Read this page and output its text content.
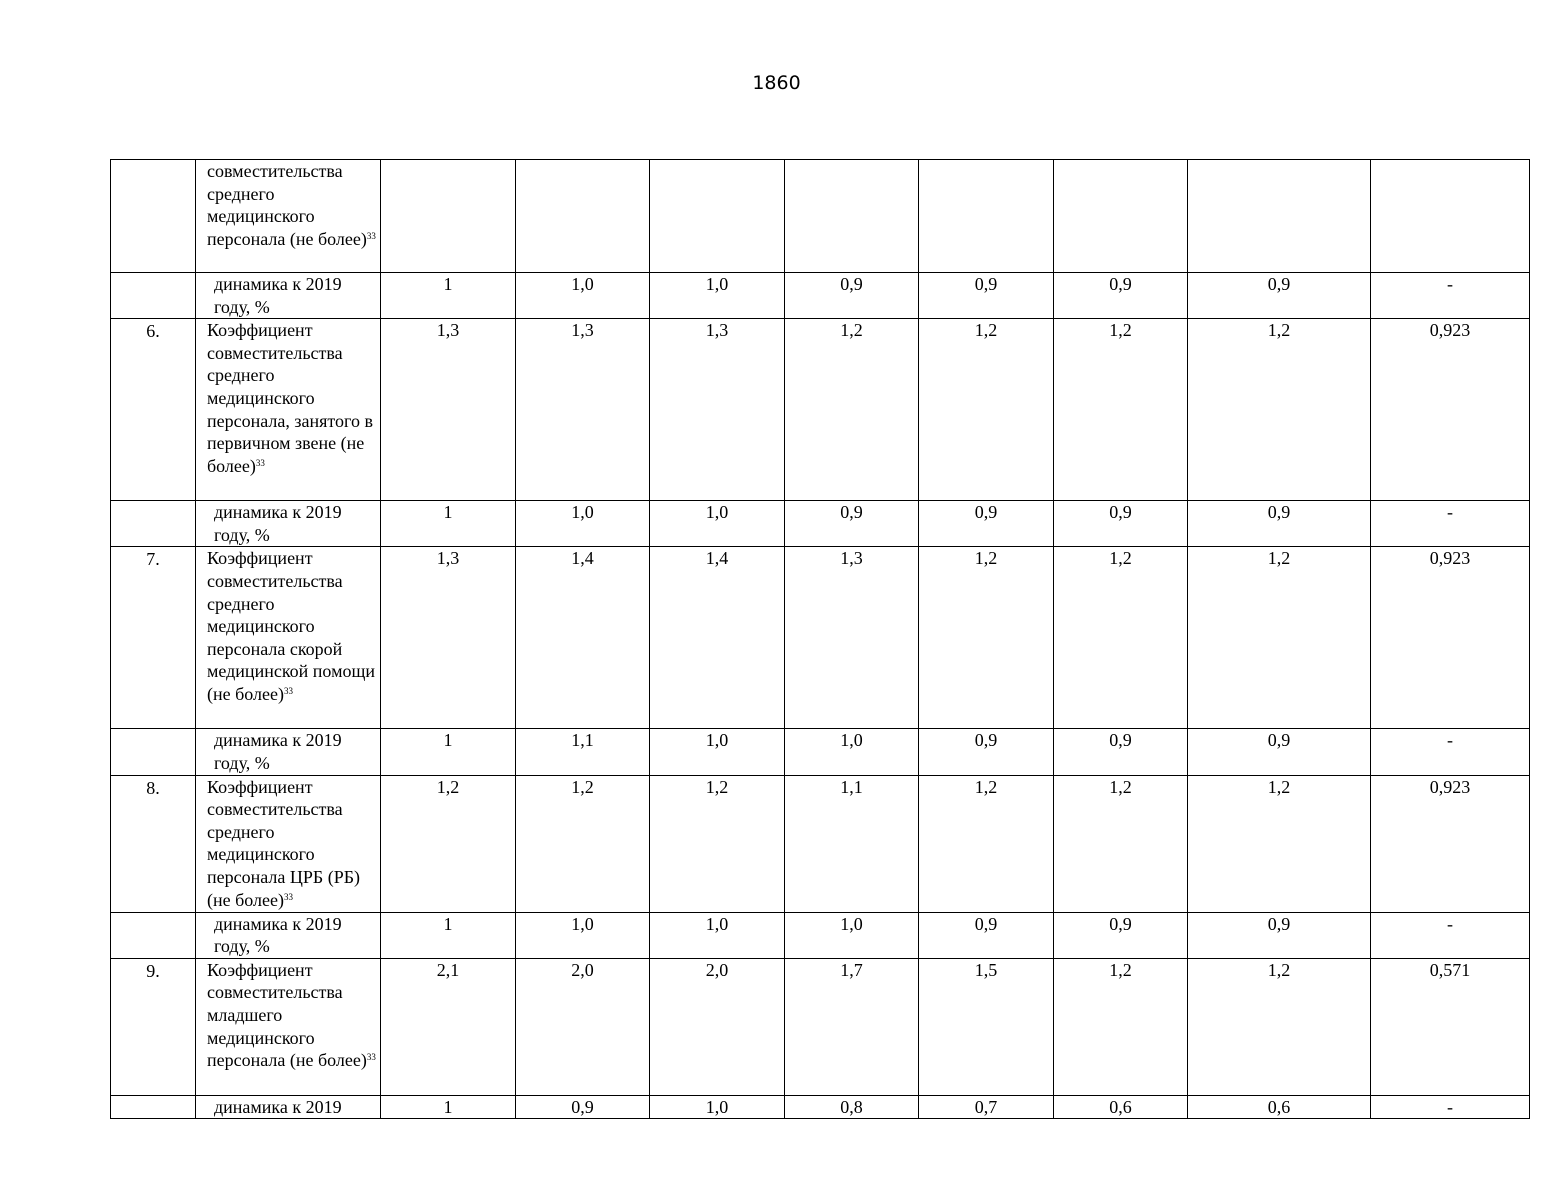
1860
	совместительства среднего медицинского персонала (не более)$^{33}$								
	динамика к 2019 году, %	1	1,0	1,0	0,9	0,9	0,9	0,9	-
6.	Коэффициент совместительства среднего медицинского персонала, занятого в первичном звене (не более)$^{33}$	1,3	1,3	1,3	1,2	1,2	1,2	1,2	0,923
	динамика к 2019 году, %	1	1,0	1,0	0,9	0,9	0,9	0,9	-
7.	Коэффициент совместительства среднего медицинского персонала скорой медицинской помощи (не более)$^{33}$	1,3	1,4	1,4	1,3	1,2	1,2	1,2	0,923
	динамика к 2019 году, %	1	1,1	1,0	1,0	0,9	0,9	0,9	-
8.	Коэффициент совместительства среднего медицинского персонала ЦРБ (РБ) (не более)$^{33}$	1,2	1,2	1,2	1,1	1,2	1,2	1,2	0,923
	динамика к 2019 году, %	1	1,0	1,0	1,0	0,9	0,9	0,9	-
9.	Коэффициент совместительства младшего медицинского персонала (не более)$^{33}$	2,1	2,0	2,0	1,7	1,5	1,2	1,2	0,571
	динамика к 2019	1	0,9	1,0	0,8	0,7	0,6	0,6	-
